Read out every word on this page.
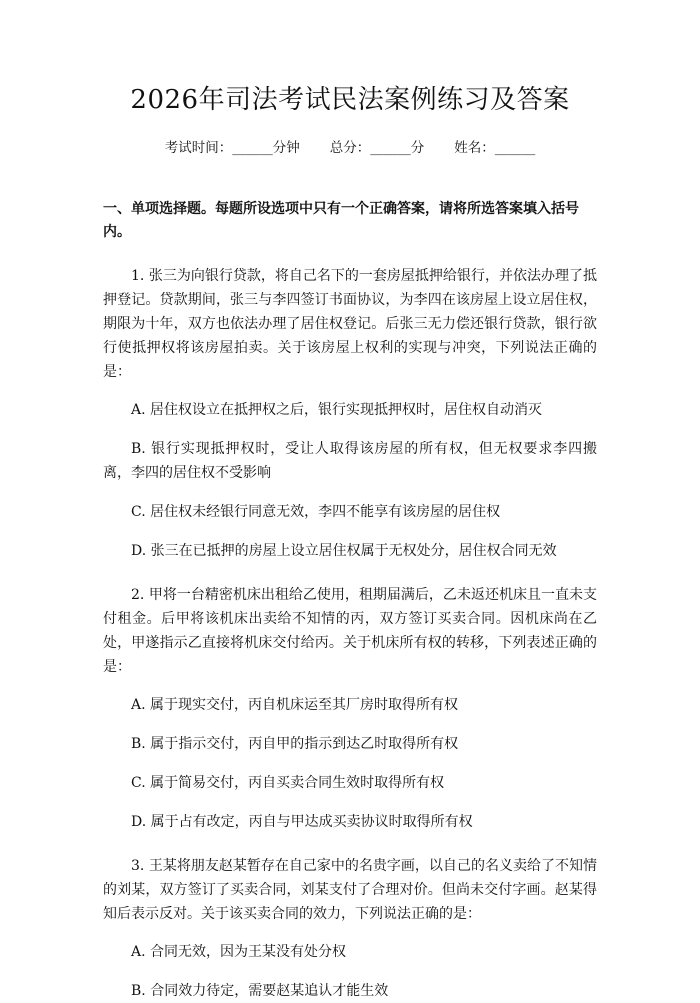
2026年司法考试民法案例练习及答案
考试时间：______分钟 总分：______分 姓名：______
一、单项选择题。每题所设选项中只有一个正确答案，请将所选答案填入括号内。
1. 张三为向银行贷款，将自己名下的一套房屋抵押给银行，并依法办理了抵押登记。贷款期间，张三与李四签订书面协议，为李四在该房屋上设立居住权，期限为十年，双方也依法办理了居住权登记。后张三无力偿还银行贷款，银行欲行使抵押权将该房屋拍卖。关于该房屋上权利的实现与冲突，下列说法正确的是：
A. 居住权设立在抵押权之后，银行实现抵押权时，居住权自动消灭
B. 银行实现抵押权时，受让人取得该房屋的所有权，但无权要求李四搬离，李四的居住权不受影响
C. 居住权未经银行同意无效，李四不能享有该房屋的居住权
D. 张三在已抵押的房屋上设立居住权属于无权处分，居住权合同无效
2. 甲将一台精密机床出租给乙使用，租期届满后，乙未返还机床且一直未支付租金。后甲将该机床出卖给不知情的丙，双方签订买卖合同。因机床尚在乙处，甲遂指示乙直接将机床交付给丙。关于机床所有权的转移，下列表述正确的是：
A. 属于现实交付，丙自机床运至其厂房时取得所有权
B. 属于指示交付，丙自甲的指示到达乙时取得所有权
C. 属于简易交付，丙自买卖合同生效时取得所有权
D. 属于占有改定，丙自与甲达成买卖协议时取得所有权
3. 王某将朋友赵某暂存在自己家中的名贵字画，以自己的名义卖给了不知情的刘某，双方签订了买卖合同，刘某支付了合理对价。但尚未交付字画。赵某得知后表示反对。关于该买卖合同的效力，下列说法正确的是：
A. 合同无效，因为王某没有处分权
B. 合同效力待定，需要赵某追认才能生效
